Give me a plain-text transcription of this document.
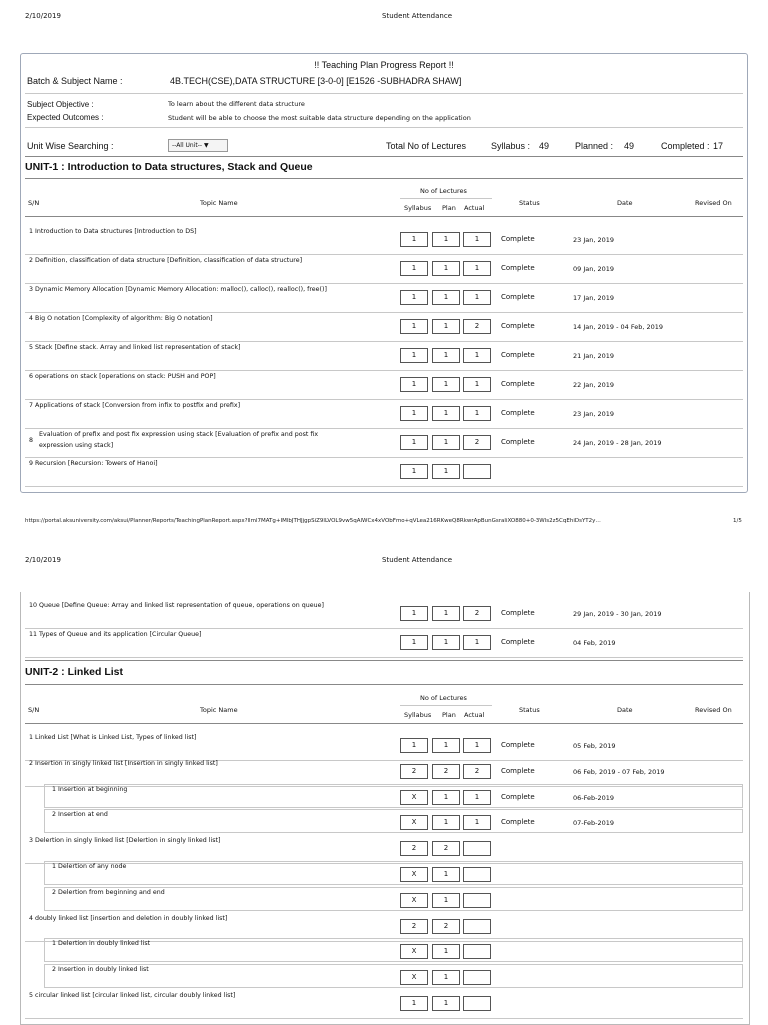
2/10/2019	Student Attendance
!! Teaching Plan Progress Report !!
Batch & Subject Name :	4B.TECH(CSE),DATA STRUCTURE [3-0-0] [E1526 -SUBHADRA SHAW]
Subject Objective :	To learn about the different data structure
Expected Outcomes :	Student will be able to choose the most suitable data structure depending on the application
Unit Wise Searching :	--All Unit-- ▼	Total No of Lectures	Syllabus : 49	Planned : 49	Completed : 17
UNIT-1 : Introduction to Data structures, Stack and Queue
https://portal.aksuniversity.com/aksui/Planner/Reports/TeachingPlanReport.aspx?llml7MATg+IMlbJTHJjgpSiZ9lLVOL9vw5qAlWCx4xVObFmo+qVLea216RKweQ8RkwrApBunGsraliXO880+0-3Wls2z5CqEhiDsYT2y…	1/5
2/10/2019	Student Attendance
UNIT-2 : Linked List
S/N	Topic Name
No of Lectures
Syllabus Plan Actual
Status	Date	Revised On
1 Introduction to Data structures [Introduction to DS]
1	1	1	Complete	23 Jan, 2019
2 Definition, classification of data structure [Definition, classification of data structure]
1	1	1	Complete	09 Jan, 2019
3 Dynamic Memory Allocation [Dynamic Memory Allocation: malloc(), calloc(), realloc(), free()]
1	1	1	Complete	17 Jan, 2019
4 Big O notation [Complexity of algorithm: Big O notation]
1	1	2	Complete	14 Jan, 2019 - 04 Feb, 2019
5 Stack [Define stack. Array and linked list representation of stack]
1	1	1	Complete	21 Jan, 2019
6 operations on stack [operations on stack: PUSH and POP]
1	1	1	Complete	22 Jan, 2019
7 Applications of stack [Conversion from infix to postfix and prefix]
1	1	1	Complete	23 Jan, 2019
8
Evaluation of prefix and post fix expression using stack [Evaluation of prefix and post fix
expression using stack]	1	1	2	Complete	24 Jan, 2019 - 28 Jan, 2019
9 Recursion [Recursion: Towers of Hanoi]
1	1
10 Queue [Define Queue: Array and linked list representation of queue, operations on queue]
1	1	2	Complete	29 Jan, 2019 - 30 Jan, 2019
11 Types of Queue and its application [Circular Queue]
1	1	1	Complete	04 Feb, 2019
S/N	Topic Name
No of Lectures
Syllabus Plan Actual
Status	Date	Revised On
1 Linked List [What is Linked List, Types of linked list]
1	1	1	Complete	05 Feb, 2019
2 Insertion in singly linked list [Insertion in singly linked list]
2	2	2	Complete	06 Feb, 2019 - 07 Feb, 2019
1 Insertion at beginning
X	1	1	Complete	06-Feb-2019
2 Insertion at end
X	1	1	Complete	07-Feb-2019
3 Delertion in singly linked list [Delertion in singly linked list]
2	2
1 Delertion of any node
X	1
2 Delertion from beginning and end
X	1
4 doubly linked list [insertion and deletion in doubly linked list]
2	2
1 Delertion in doubly linked list
X	1
2 Insertion in doubly linked list
X	1
5 circular linked list [circular linked list, circular doubly linked list]
1	1
